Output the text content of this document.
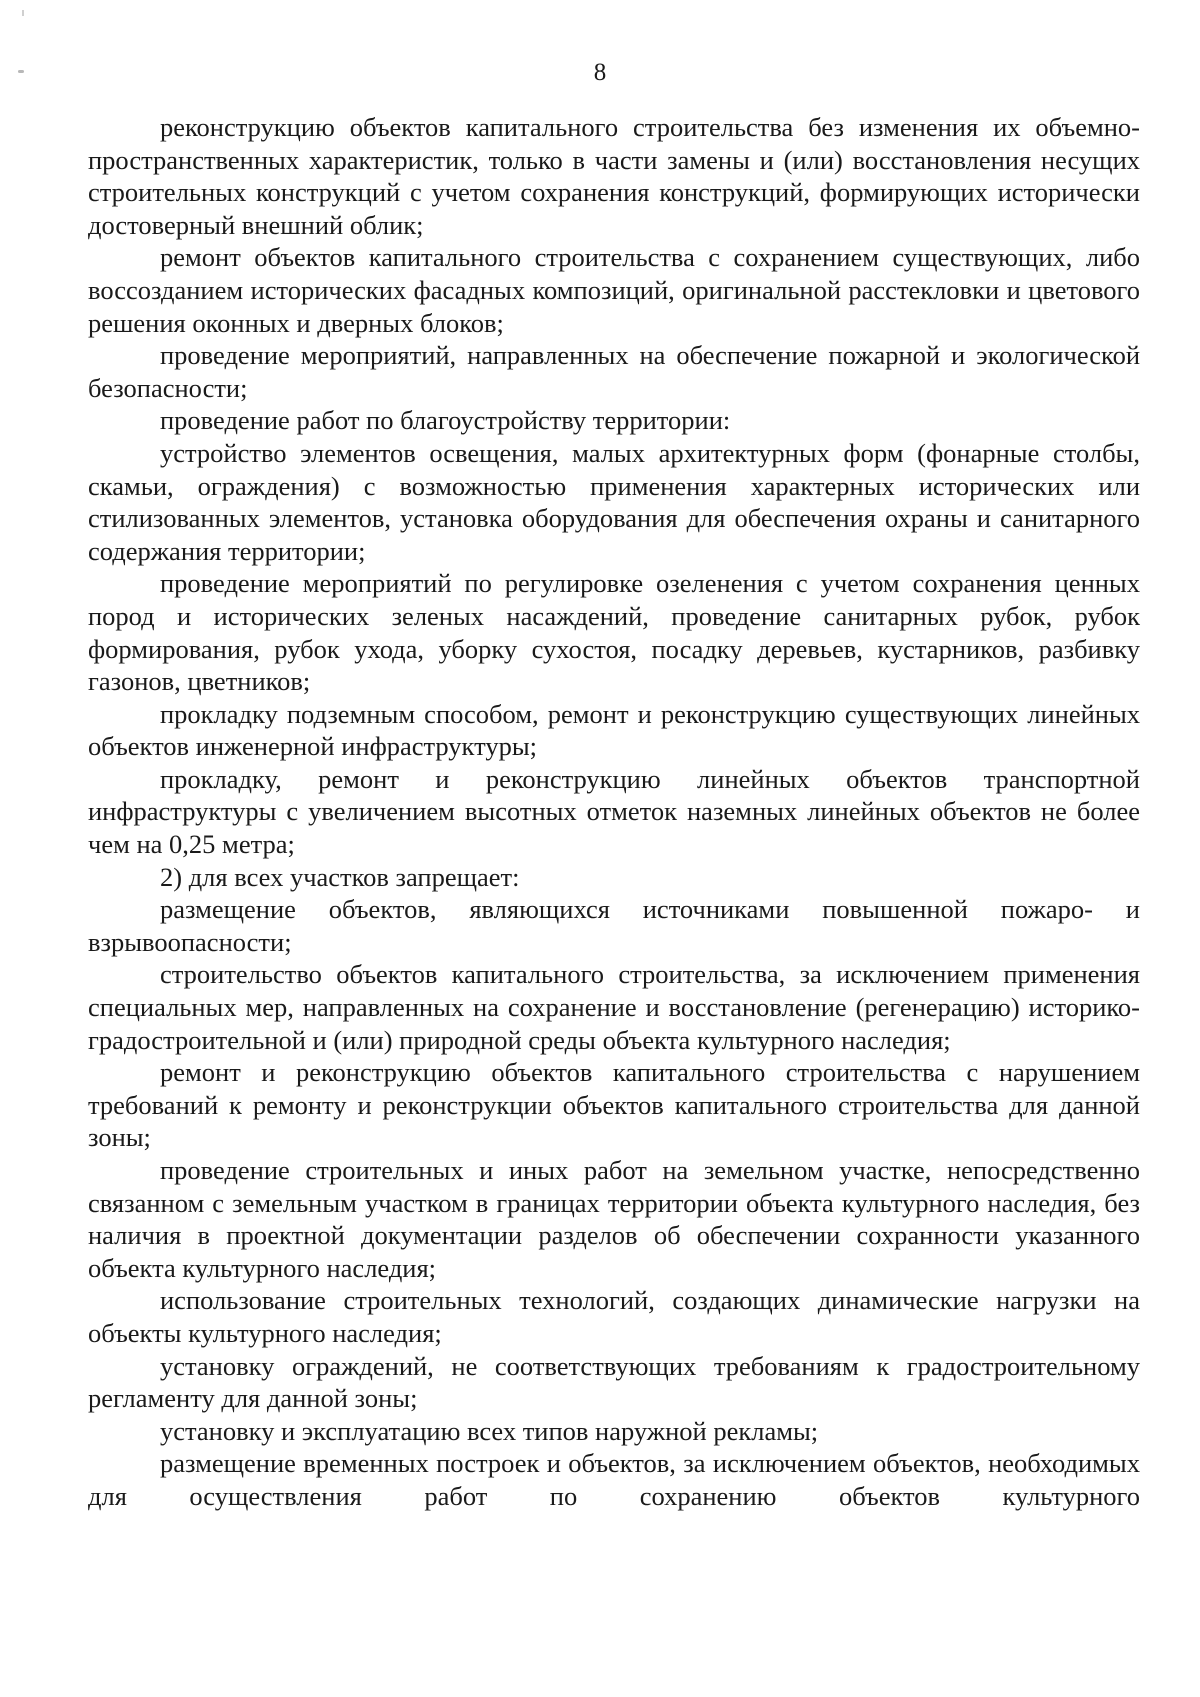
8

реконструкцию объектов капитального строительства без изменения их объемно-пространственных характеристик, только в части замены и (или) восстановления несущих строительных конструкций с учетом сохранения конструкций, формирующих исторически достоверный внешний облик;

ремонт объектов капитального строительства с сохранением существующих, либо воссозданием исторических фасадных композиций, оригинальной расстекловки и цветового решения оконных и дверных блоков;

проведение мероприятий, направленных на обеспечение пожарной и экологической безопасности;

проведение работ по благоустройству территории:

устройство элементов освещения, малых архитектурных форм (фонарные столбы, скамьи, ограждения) с возможностью применения характерных исторических или стилизованных элементов, установка оборудования для обеспечения охраны и санитарного содержания территории;

проведение мероприятий по регулировке озеленения с учетом сохранения ценных пород и исторических зеленых насаждений, проведение санитарных рубок, рубок формирования, рубок ухода, уборку сухостоя, посадку деревьев, кустарников, разбивку газонов, цветников;

прокладку подземным способом, ремонт и реконструкцию существующих линейных объектов инженерной инфраструктуры;

прокладку, ремонт и реконструкцию линейных объектов транспортной инфраструктуры с увеличением высотных отметок наземных линейных объектов не более чем на 0,25 метра;

2) для всех участков запрещает:

размещение объектов, являющихся источниками повышенной пожаро- и взрывоопасности;

строительство объектов капитального строительства, за исключением применения специальных мер, направленных на сохранение и восстановление (регенерацию) историко-градостроительной и (или) природной среды объекта культурного наследия;

ремонт и реконструкцию объектов капитального строительства с нарушением требований к ремонту и реконструкции объектов капитального строительства для данной зоны;

проведение строительных и иных работ на земельном участке, непосредственно связанном с земельным участком в границах территории объекта культурного наследия, без наличия в проектной документации разделов об обеспечении сохранности указанного объекта культурного наследия;

использование строительных технологий, создающих динамические нагрузки на объекты культурного наследия;

установку ограждений, не соответствующих требованиям к градостроительному регламенту для данной зоны;

установку и эксплуатацию всех типов наружной рекламы;

размещение временных построек и объектов, за исключением объектов, необходимых для осуществления работ по сохранению объектов культурного
